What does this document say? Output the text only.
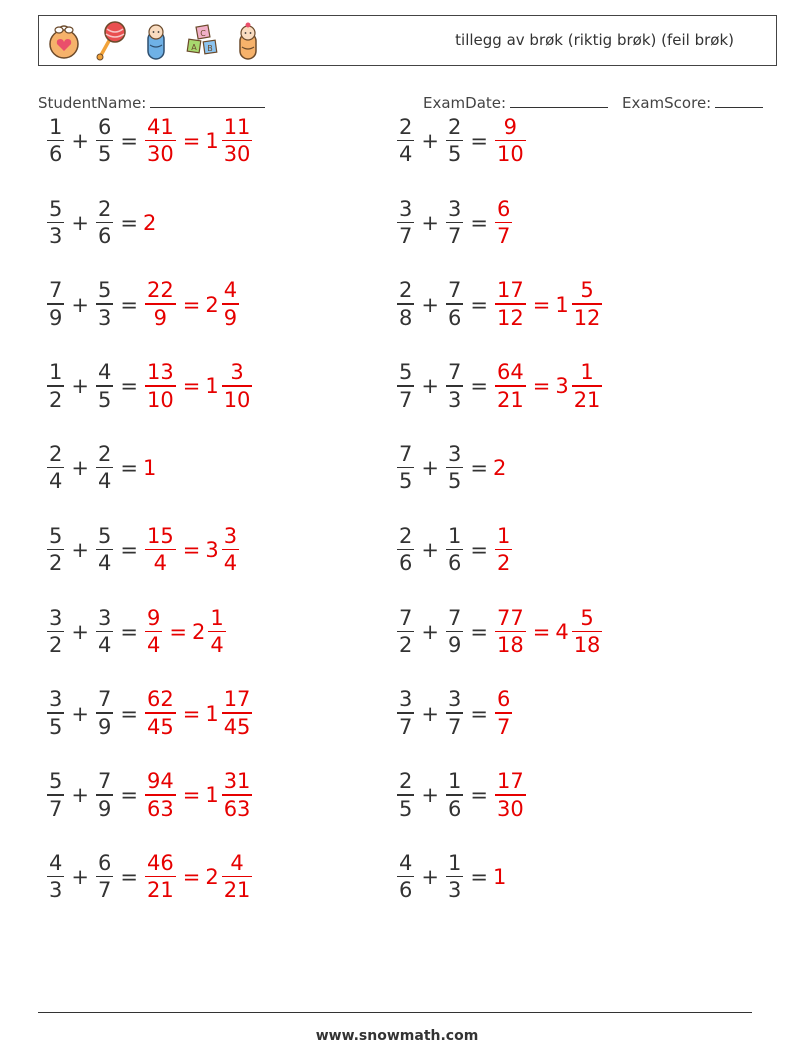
C
A B	tillegg av brøk (riktig brøk) (feil brøk)
StudentName:	ExamDate:	ExamScore:
$\frac{1}{6} + \frac{6}{5} = \frac{41}{30} = 1 \frac{11}{30}$
$\frac{5}{3} + \frac{2}{6} = 2$
$\frac{7}{9} + \frac{5}{3} = \frac{22}{9} = 2 \frac{4}{9}$
$\frac{1}{2} + \frac{4}{5} = \frac{13}{10} = 1 \frac{3}{10}$
$\frac{2}{4} + \frac{2}{4} = 1$
$\frac{5}{2} + \frac{5}{4} = \frac{15}{4} = 3 \frac{3}{4}$
$\frac{3}{2} + \frac{3}{4} = \frac{9}{4} = 2 \frac{1}{4}$
$\frac{3}{5} + \frac{7}{9} = \frac{62}{45} = 1 \frac{17}{45}$
$\frac{5}{7} + \frac{7}{9} = \frac{94}{63} = 1 \frac{31}{63}$
$\frac{4}{3} + \frac{6}{7} = \frac{46}{21} = 2 \frac{4}{21}$
$\frac{2}{4} + \frac{2}{5} = \frac{9}{10}$
$\frac{3}{7} + \frac{3}{7} = \frac{6}{7}$
$\frac{2}{8} + \frac{7}{6} = \frac{17}{12} = 1 \frac{5}{12}$
$\frac{5}{7} + \frac{7}{3} = \frac{64}{21} = 3 \frac{1}{21}$
$\frac{7}{5} + \frac{3}{5} = 2$
$\frac{2}{6} + \frac{1}{6} = \frac{1}{2}$
$\frac{7}{2} + \frac{7}{9} = \frac{77}{18} = 4 \frac{5}{18}$
$\frac{3}{7} + \frac{3}{7} = \frac{6}{7}$
$\frac{2}{5} + \frac{1}{6} = \frac{17}{30}$
$\frac{4}{6} + \frac{1}{3} = 1$
www.snowmath.com
